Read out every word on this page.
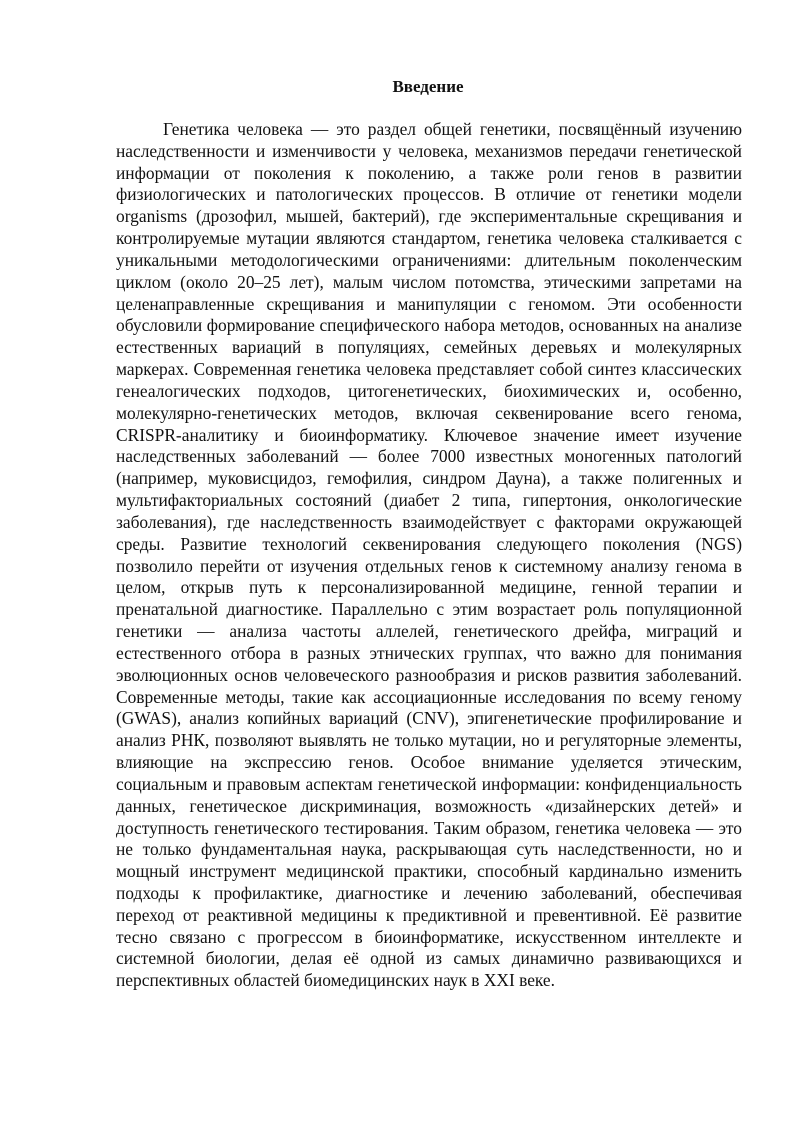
Введение

Генетика человека — это раздел общей генетики, посвящённый изучению наследственности и изменчивости у человека, механизмов передачи генетической информации от поколения к поколению, а также роли генов в развитии физиологических и патологических процессов. В отличие от генетики модели organisms (дрозофил, мышей, бактерий), где экспериментальные скрещивания и контролируемые мутации являются стандартом, генетика человека сталкивается с уникальными методологическими ограничениями: длительным поколенческим циклом (около 20–25 лет), малым числом потомства, этическими запретами на целенаправленные скрещивания и манипуляции с геномом. Эти особенности обусловили формирование специфического набора методов, основанных на анализе естественных вариаций в популяциях, семейных деревьях и молекулярных маркерах. Современная генетика человека представляет собой синтез классических генеалогических подходов, цитогенетических, биохимических и, особенно, молекулярно-генетических методов, включая секвенирование всего генома, CRISPR-аналитику и биоинформатику. Ключевое значение имеет изучение наследственных заболеваний — более 7000 известных моногенных патологий (например, муковисцидоз, гемофилия, синдром Дауна), а также полигенных и мультифакториальных состояний (диабет 2 типа, гипертония, онкологические заболевания), где наследственность взаимодействует с факторами окружающей среды. Развитие технологий секвенирования следующего поколения (NGS) позволило перейти от изучения отдельных генов к системному анализу генома в целом, открыв путь к персонализированной медицине, генной терапии и пренатальной диагностике. Параллельно с этим возрастает роль популяционной генетики — анализа частоты аллелей, генетического дрейфа, миграций и естественного отбора в разных этнических группах, что важно для понимания эволюционных основ человеческого разнообразия и рисков развития заболеваний. Современные методы, такие как ассоциационные исследования по всему геному (GWAS), анализ копийных вариаций (CNV), эпигенетические профилирование и анализ РНК, позволяют выявлять не только мутации, но и регуляторные элементы, влияющие на экспрессию генов. Особое внимание уделяется этическим, социальным и правовым аспектам генетической информации: конфиденциальность данных, генетическое дискриминация, возможность «дизайнерских детей» и доступность генетического тестирования. Таким образом, генетика человека — это не только фундаментальная наука, раскрывающая суть наследственности, но и мощный инструмент медицинской практики, способный кардинально изменить подходы к профилактике, диагностике и лечению заболеваний, обеспечивая переход от реактивной медицины к предиктивной и превентивной. Её развитие тесно связано с прогрессом в биоинформатике, искусственном интеллекте и системной биологии, делая её одной из самых динамично развивающихся и перспективных областей биомедицинских наук в XXI веке.
